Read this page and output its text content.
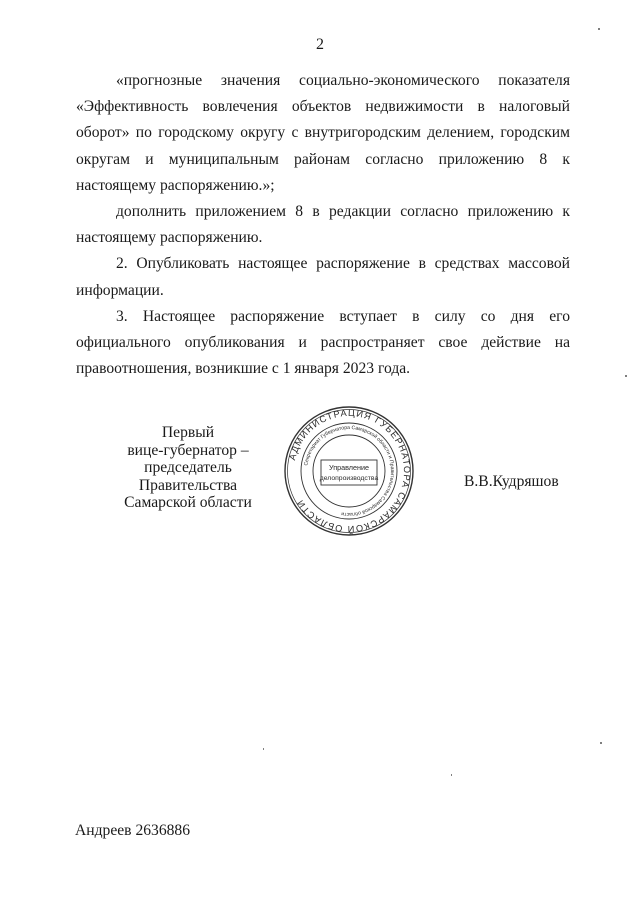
2

«прогнозные значения социально-экономического показателя «Эффективность вовлечения объектов недвижимости в налоговый оборот» по городскому округу с внутригородским делением, городским округам и муниципальным районам согласно приложению 8 к настоящему распоряжению.»;

дополнить приложением 8 в редакции согласно приложению к настоящему распоряжению.

2. Опубликовать настоящее распоряжение в средствах массовой информации.

3. Настоящее распоряжение вступает в силу со дня его официального опубликования и распространяет свое действие на правоотношения, возникшие с 1 января 2023 года.

Первый
вице-губернатор –
председатель Правительства
Самарской области
АДМИНИСТРАЦИЯ ГУБЕРНАТОРА САМАРСКОЙ ОБЛАСТИ
Секретариат Губернатора Самарской области и Правительства Самарской области
Управление
делопроизводства	В.В.Кудряшов
Андреев 2636886
